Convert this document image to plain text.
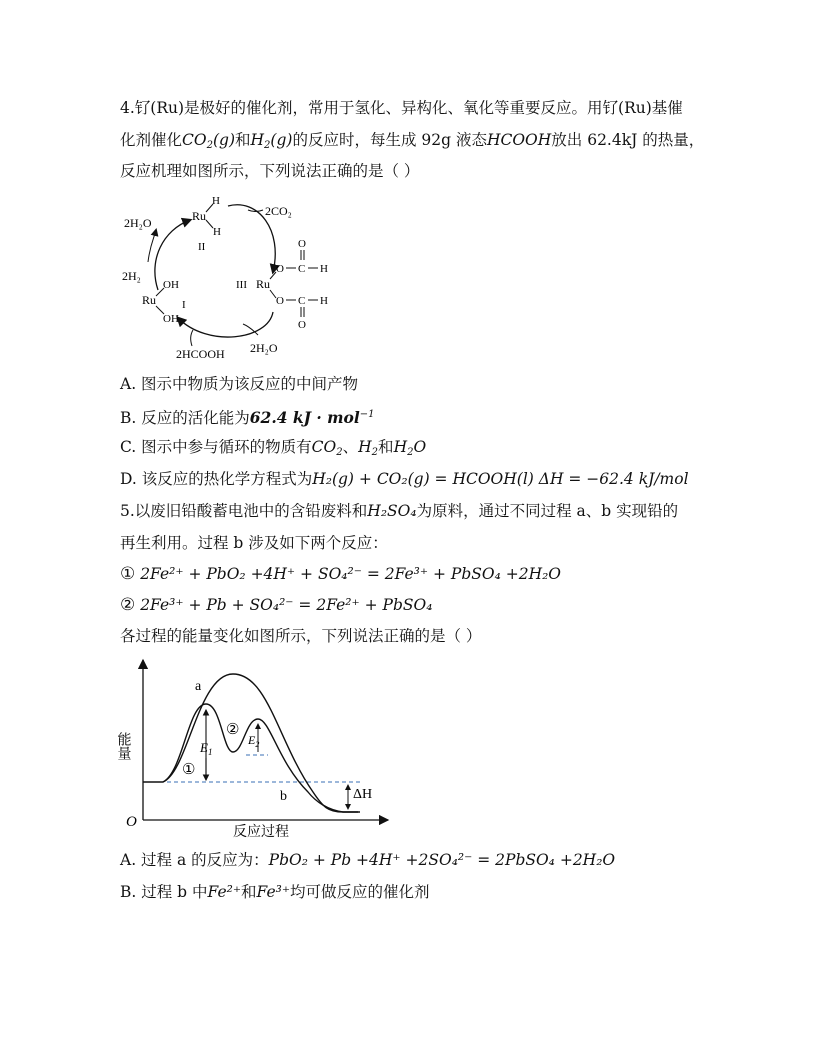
4.钌(Ru)是极好的催化剂，常用于氢化、异构化、氧化等重要反应。用钌(Ru)基催
化剂催化$CO_2(g)$和$H_2(g)$的反应时，每生成 92g 液态HCOOH放出 62.4kJ 的热量，
反应机理如图所示，下列说法正确的是（ ）
2H₂O
2H₂
2CO₂
2HCOOH 2H₂O
Ru
H
H
II
Ru
OH
OH
I
III Ru
O C
O
H
O C
O
H
A. 图示中物质为该反应的中间产物
B. 反应的活化能为62.4 kJ · mol$^{-1}$
C. 图示中参与循环的物质有$CO_2$、$H_2$和$H_2O$
D. 该反应的热化学方程式为H₂(g) + CO₂(g) = HCOOH(l) ΔH = −62.4 kJ/mol
5.以废旧铅酸蓄电池中的含铅废料和H₂SO₄为原料，通过不同过程 a、b 实现铅的
再生利用。过程 b 涉及如下两个反应：
① 2Fe²⁺ + PbO₂ +4H⁺ + SO₄²⁻ = 2Fe³⁺ + PbSO₄ +2H₂O
② 2Fe³⁺ + Pb + SO₄²⁻ = 2Fe²⁺ + PbSO₄
各过程的能量变化如图所示，下列说法正确的是（ ）
O
能量
反应过程
$E_1$
$E_2$
ΔH
a
b
①
②
A. 过程 a 的反应为：PbO₂ + Pb +4H⁺ +2SO₄²⁻ = 2PbSO₄ +2H₂O
B. 过程 b 中Fe²⁺和Fe³⁺均可做反应的催化剂
